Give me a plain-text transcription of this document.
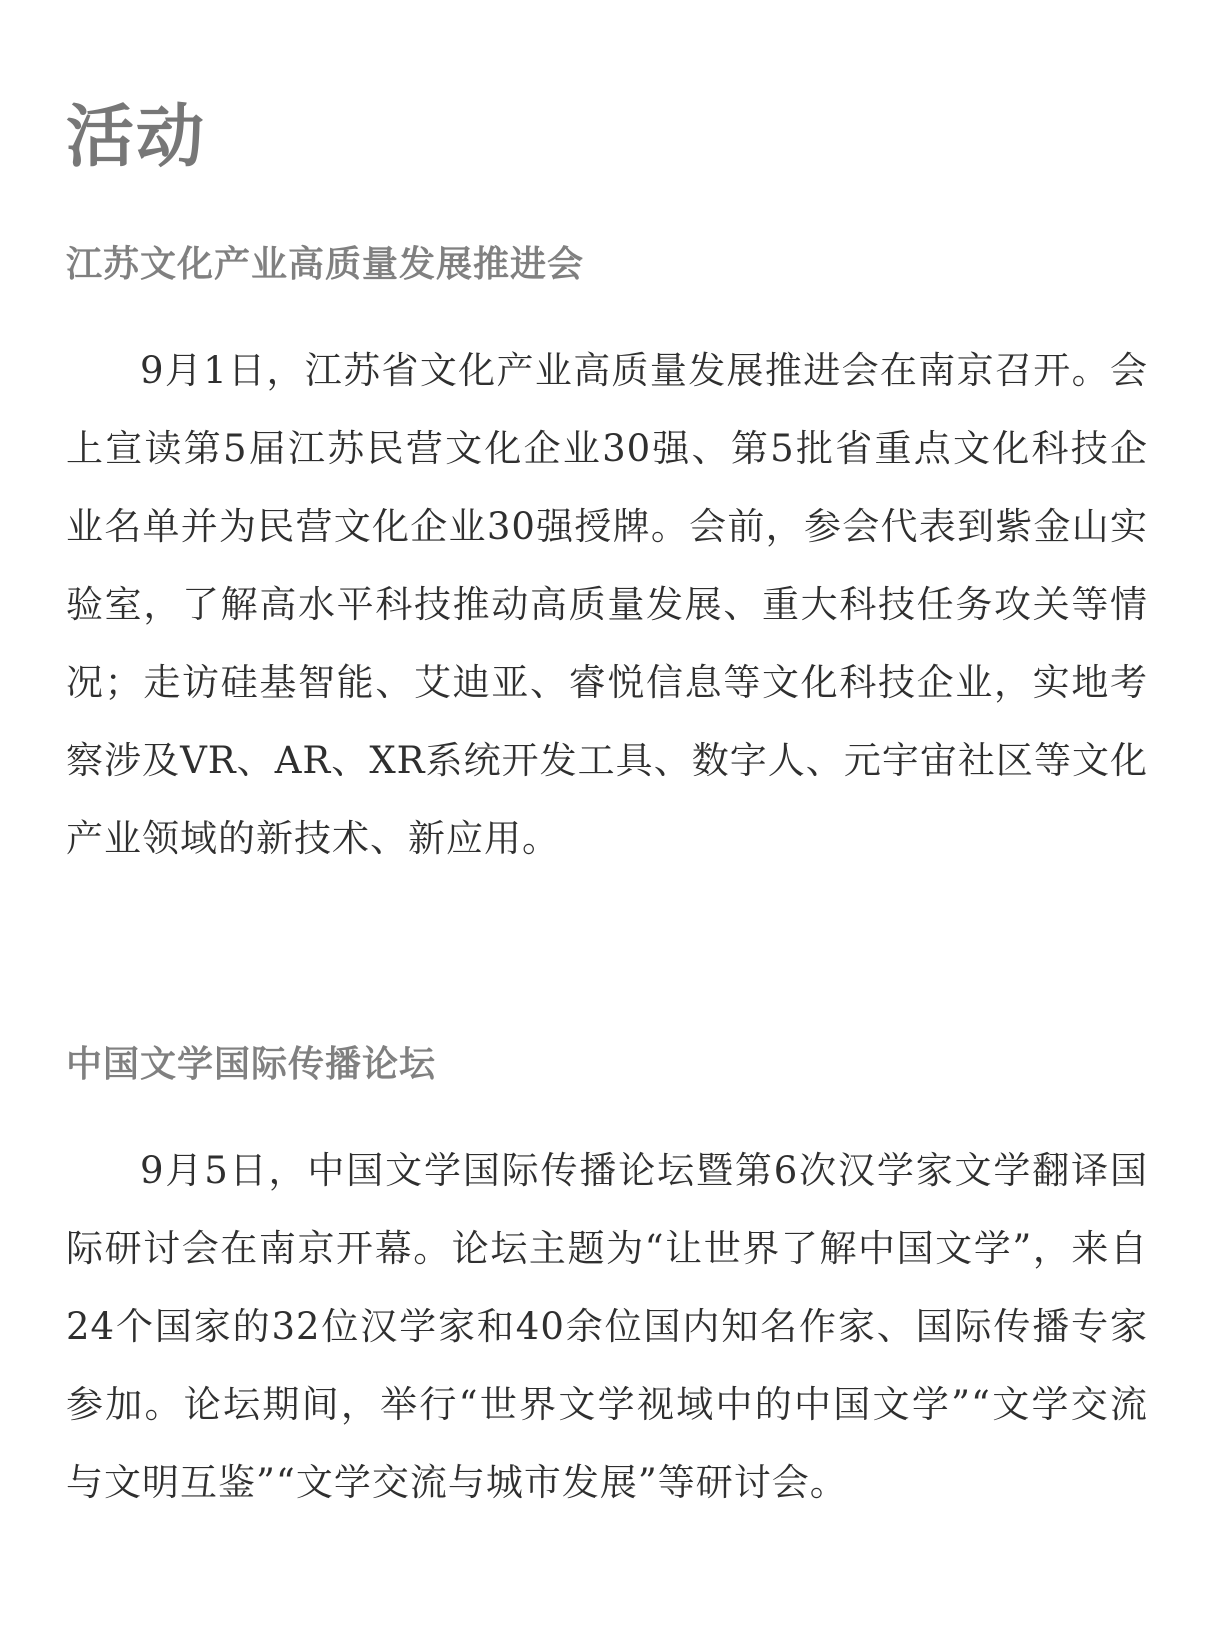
活动
江苏文化产业高质量发展推进会

9月1日，江苏省文化产业高质量发展推进会在南京召开。会上宣读第5届江苏民营文化企业30强、第5批省重点文化科技企业名单并为民营文化企业30强授牌。会前，参会代表到紫金山实验室，了解高水平科技推动高质量发展、重大科技任务攻关等情况；走访硅基智能、艾迪亚、睿悦信息等文化科技企业，实地考察涉及VR、AR、XR系统开发工具、数字人、元宇宙社区等文化产业领域的新技术、新应用。

中国文学国际传播论坛

9月5日，中国文学国际传播论坛暨第6次汉学家文学翻译国际研讨会在南京开幕。论坛主题为“让世界了解中国文学”，来自24个国家的32位汉学家和40余位国内知名作家、国际传播专家参加。论坛期间，举行“世界文学视域中的中国文学”“文学交流与文明互鉴”“文学交流与城市发展”等研讨会。
